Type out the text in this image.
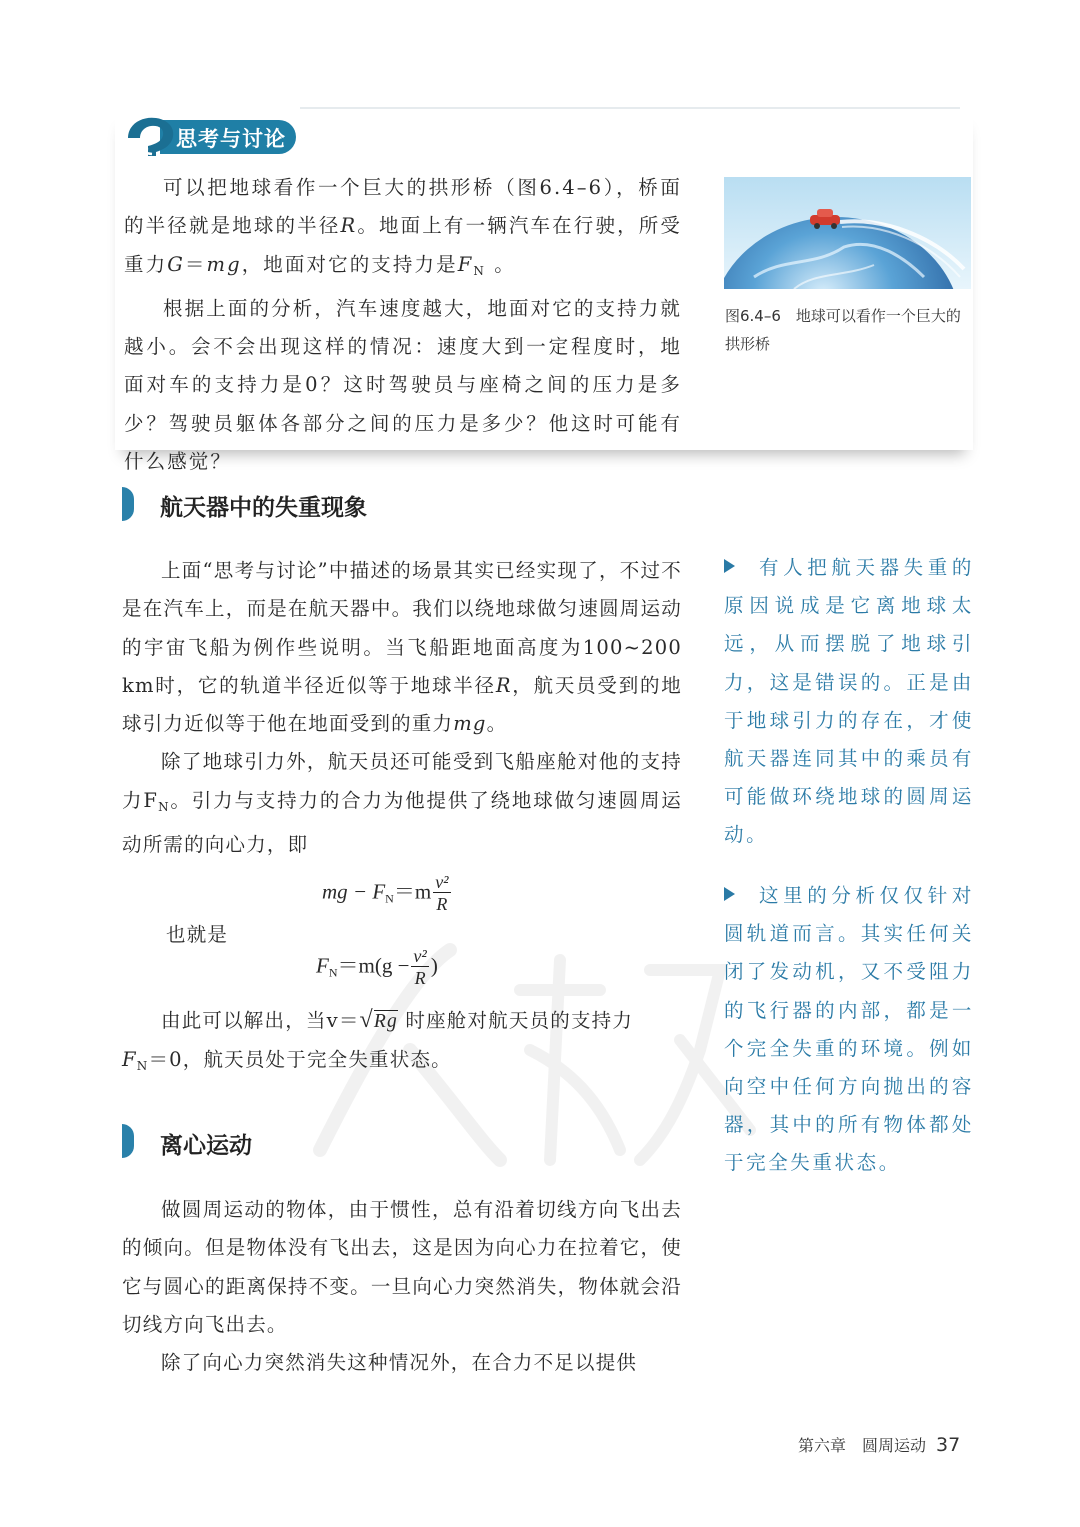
思考与讨论

可以把地球看作一个巨大的拱形桥（图6.4–6），桥面的半径就是地球的半径R。地面上有一辆汽车在行驶，所受重力G＝mg，地面对它的支持力是$F_N$ 。

根据上面的分析，汽车速度越大，地面对它的支持力就越小。会不会出现这样的情况：速度大到一定程度时，地面对车的支持力是0？这时驾驶员与座椅之间的压力是多少？驾驶员躯体各部分之间的压力是多少？他这时可能有什么感觉？

图6.4–6　地球可以看作一个巨大的拱形桥
航天器中的失重现象

上面“思考与讨论”中描述的场景其实已经实现了，不过不是在汽车上，而是在航天器中。我们以绕地球做匀速圆周运动的宇宙飞船为例作些说明。当飞船距地面高度为100~200 km时，它的轨道半径近似等于地球半径R，航天员受到的地球引力近似等于他在地面受到的重力mg。

除了地球引力外，航天员还可能受到飞船座舱对他的支持力$F_N$。引力与支持力的合力为他提供了绕地球做匀速圆周运动所需的向心力，即

mg − $F_N=m \frac{\text{v²}}{R}$
也就是
$F_N=m(g - \frac{\text{v²}}{R}$ )
由此可以解出，当v＝√Rg 时座舱对航天员的支持力
$F_N=0$，航天员处于完全失重状态。
离心运动

做圆周运动的物体，由于惯性，总有沿着切线方向飞出去的倾向。但是物体没有飞出去，这是因为向心力在拉着它，使它与圆心的距离保持不变。一旦向心力突然消失，物体就会沿切线方向飞出去。

除了向心力突然消失这种情况外，在合力不足以提供

有人把航天器失重的原因说成是它离地球太远，从而摆脱了地球引力，这是错误的。正是由于地球引力的存在，才使航天器连同其中的乘员有可能做环绕地球的圆周运动。
这里的分析仅仅针对圆轨道而言。其实任何关闭了发动机，又不受阻力的飞行器的内部，都是一个完全失重的环境。例如向空中任何方向抛出的容器，其中的所有物体都处于完全失重状态。
第六章　圆周运动 37
